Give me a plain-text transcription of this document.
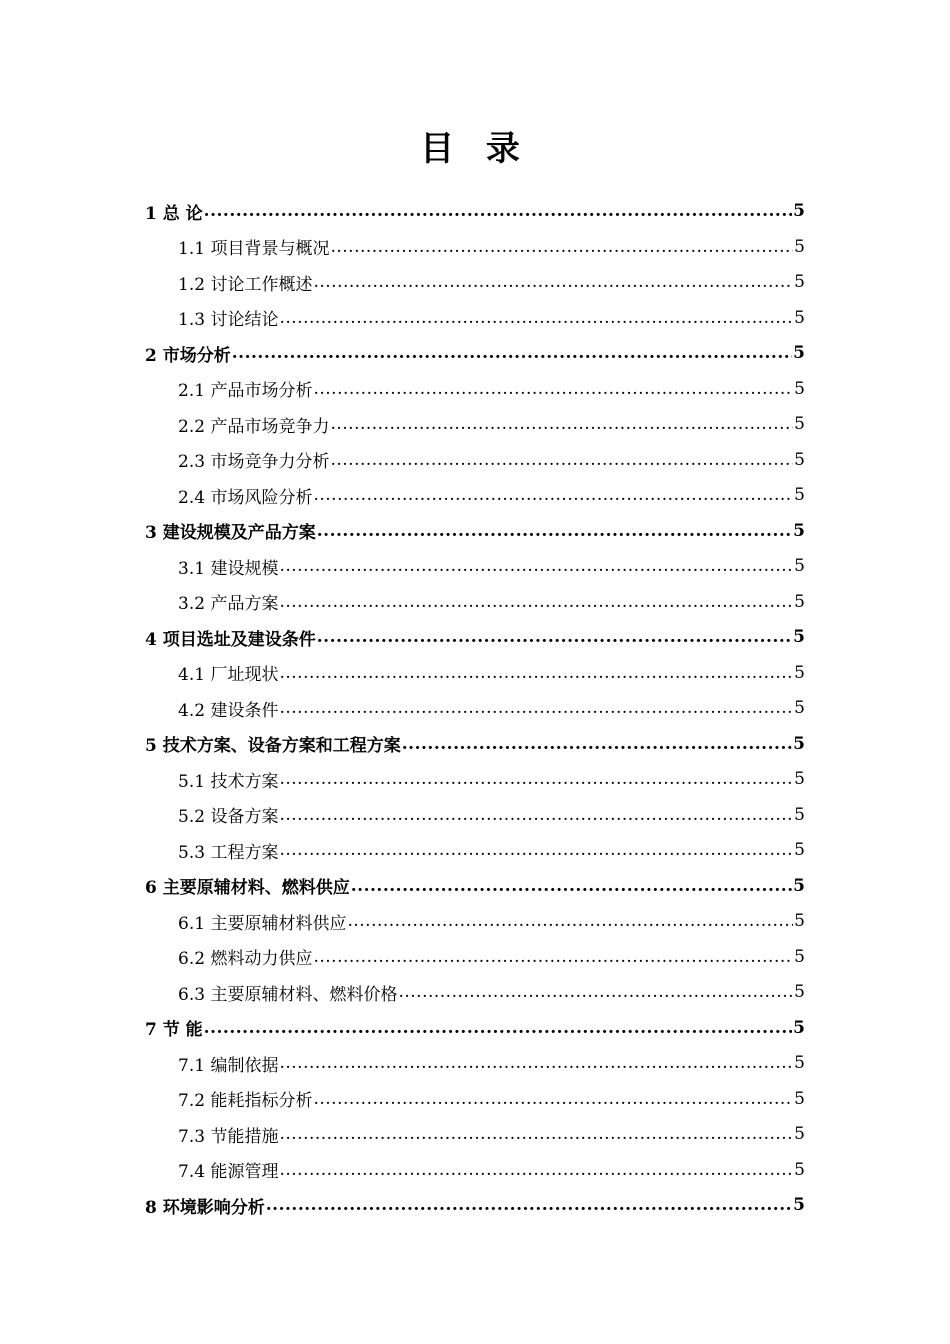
目 录
1 总 论 .....	5
1.1 项目背景与概况 .....	5
1.2 讨论工作概述 .....	5
1.3 讨论结论 .....	5
2 市场分析 .....	5
2.1 产品市场分析 .....	5
2.2 产品市场竞争力 .....	5
2.3 市场竞争力分析 .....	5
2.4 市场风险分析 .....	5
3 建设规模及产品方案 .....	5
3.1 建设规模 .....	5
3.2 产品方案 .....	5
4 项目选址及建设条件 .....	5
4.1 厂址现状 .....	5
4.2 建设条件 .....	5
5 技术方案、设备方案和工程方案 .....	5
5.1 技术方案 .....	5
5.2 设备方案 .....	5
5.3 工程方案 .....	5
6 主要原辅材料、燃料供应 .....	5
6.1 主要原辅材料供应 .....	5
6.2 燃料动力供应 .....	5
6.3 主要原辅材料、燃料价格 .....	5
7 节 能 .....	5
7.1 编制依据 .....	5
7.2 能耗指标分析 .....	5
7.3 节能措施 .....	5
7.4 能源管理 .....	5
8 环境影响分析 .....	5
